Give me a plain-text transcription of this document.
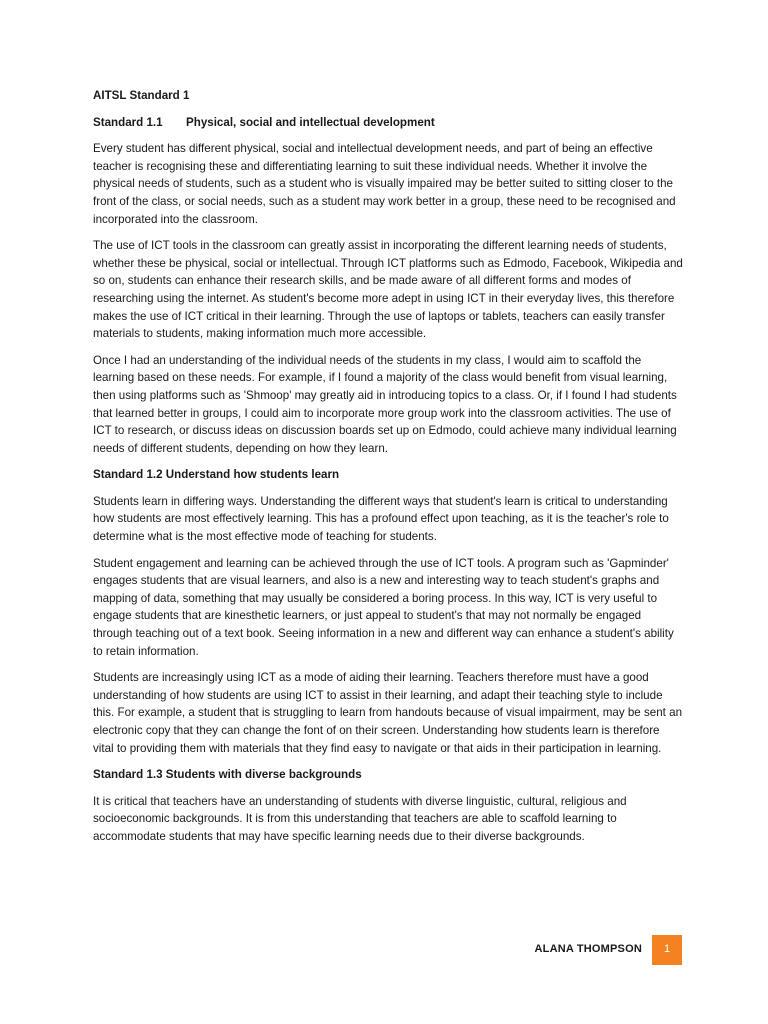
AITSL Standard 1
Standard 1.1 Physical, social and intellectual development

Every student has different physical, social and intellectual development needs, and part of being an effective teacher is recognising these and differentiating learning to suit these individual needs. Whether it involve the physical needs of students, such as a student who is visually impaired may be better suited to sitting closer to the front of the class, or social needs, such as a student may work better in a group, these need to be recognised and incorporated into the classroom.

The use of ICT tools in the classroom can greatly assist in incorporating the different learning needs of students, whether these be physical, social or intellectual. Through ICT platforms such as Edmodo, Facebook, Wikipedia and so on, students can enhance their research skills, and be made aware of all different forms and modes of researching using the internet. As student's become more adept in using ICT in their everyday lives, this therefore makes the use of ICT critical in their learning. Through the use of laptops or tablets, teachers can easily transfer materials to students, making information much more accessible.

Once I had an understanding of the individual needs of the students in my class, I would aim to scaffold the learning based on these needs. For example, if I found a majority of the class would benefit from visual learning, then using platforms such as 'Shmoop' may greatly aid in introducing topics to a class. Or, if I found I had students that learned better in groups, I could aim to incorporate more group work into the classroom activities. The use of ICT to research, or discuss ideas on discussion boards set up on Edmodo, could achieve many individual learning needs of different students, depending on how they learn.

Standard 1.2 Understand how students learn

Students learn in differing ways. Understanding the different ways that student's learn is critical to understanding how students are most effectively learning. This has a profound effect upon teaching, as it is the teacher's role to determine what is the most effective mode of teaching for students.

Student engagement and learning can be achieved through the use of ICT tools. A program such as 'Gapminder' engages students that are visual learners, and also is a new and interesting way to teach student's graphs and mapping of data, something that may usually be considered a boring process. In this way, ICT is very useful to engage students that are kinesthetic learners, or just appeal to student's that may not normally be engaged through teaching out of a text book. Seeing information in a new and different way can enhance a student's ability to retain information.

Students are increasingly using ICT as a mode of aiding their learning. Teachers therefore must have a good understanding of how students are using ICT to assist in their learning, and adapt their teaching style to include this. For example, a student that is struggling to learn from handouts because of visual impairment, may be sent an electronic copy that they can change the font of on their screen. Understanding how students learn is therefore vital to providing them with materials that they find easy to navigate or that aids in their participation in learning.

Standard 1.3 Students with diverse backgrounds

It is critical that teachers have an understanding of students with diverse linguistic, cultural, religious and socioeconomic backgrounds. It is from this understanding that teachers are able to scaffold learning to accommodate students that may have specific learning needs due to their diverse backgrounds.

ALANA THOMPSON	1
